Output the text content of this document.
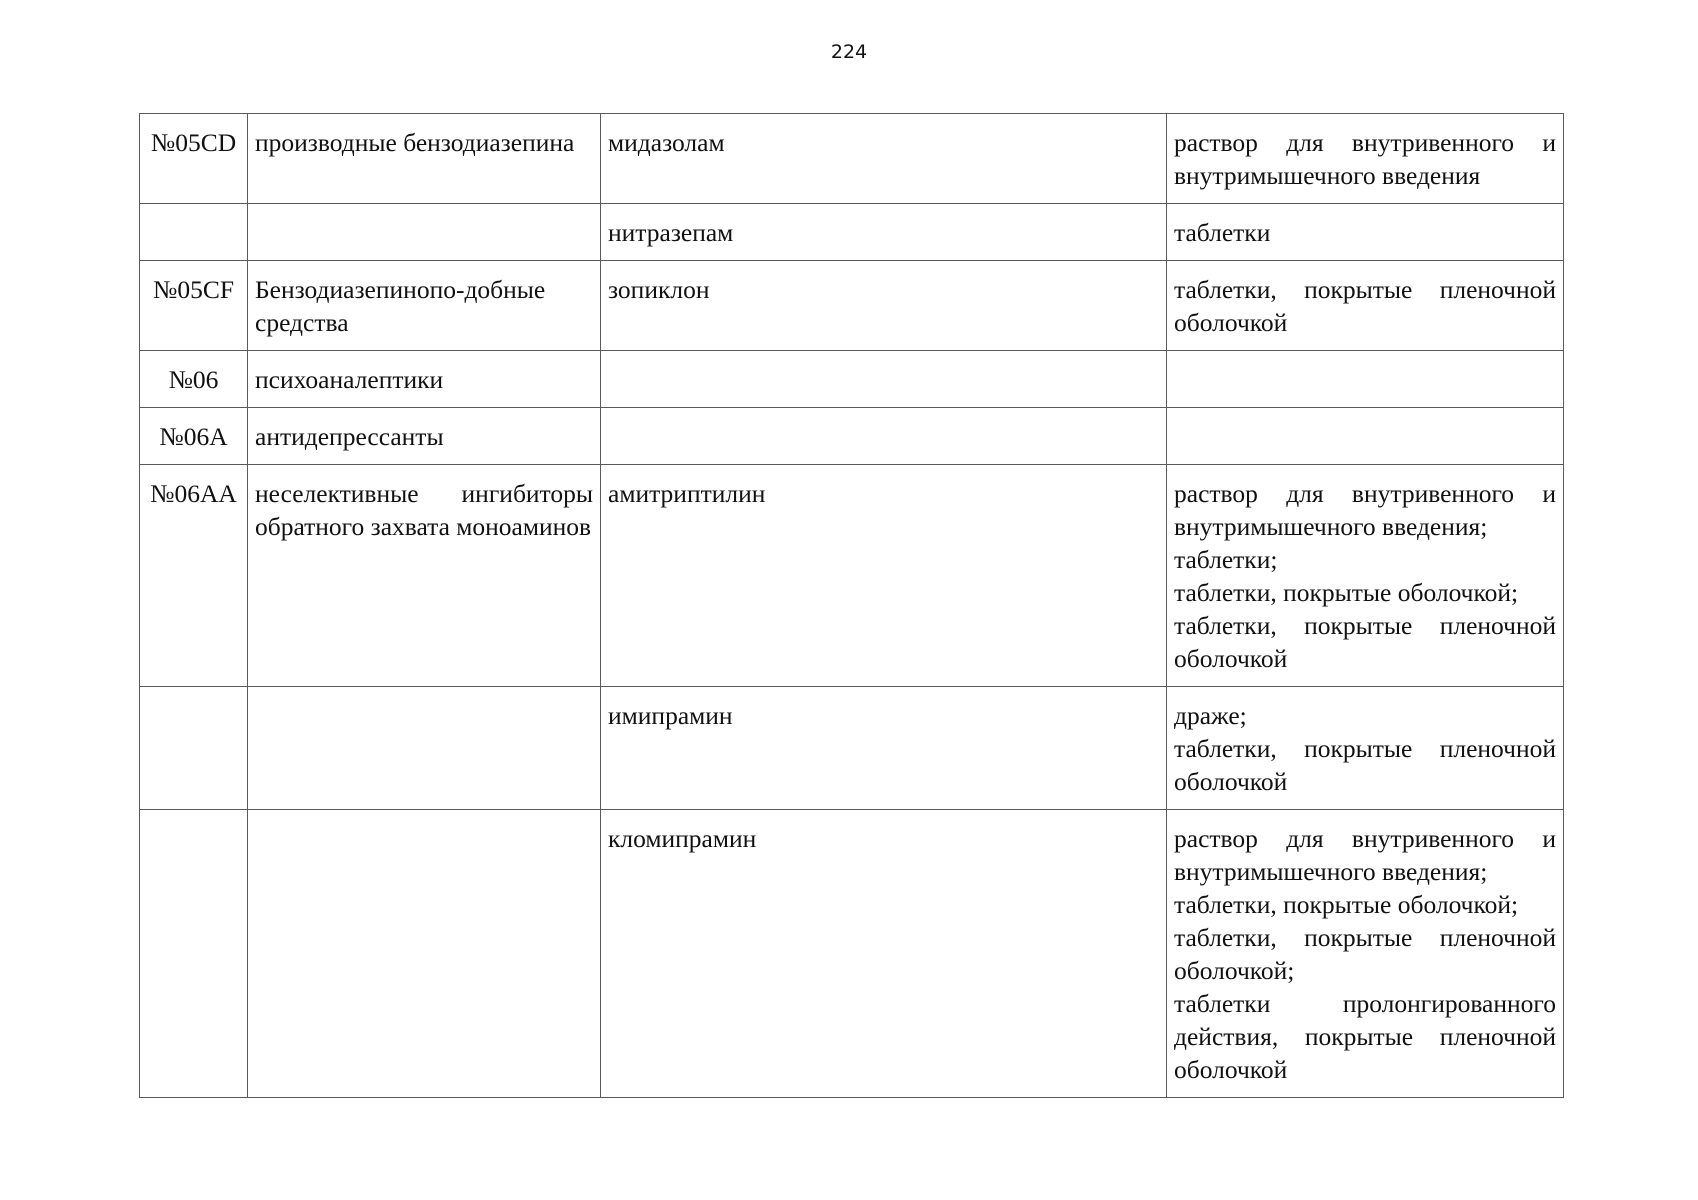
224
№05CD	производные бензодиазепина	мидазолам	раствор для внутривенного и внутримышечного введения

		нитразепам	таблетки

№05CF	Бензодиазепинопо-добные средства	зопиклон	таблетки, покрытые пленочной оболочкой

№06	психоаналептики		

№06A	антидепрессанты		

№06AA	неселективные ингибиторы обратного захвата моноаминов	амитриптилин	раствор для внутривенного и внутримышечного введения;
таблетки;
таблетки, покрытые оболочкой;
таблетки, покрытые пленочной оболочкой

		имипрамин	драже;
таблетки, покрытые пленочной оболочкой

		кломипрамин	раствор для внутривенного и внутримышечного введения;
таблетки, покрытые оболочкой;
таблетки, покрытые пленочной оболочкой;
таблетки пролонгированного действия, покрытые пленочной оболочкой
